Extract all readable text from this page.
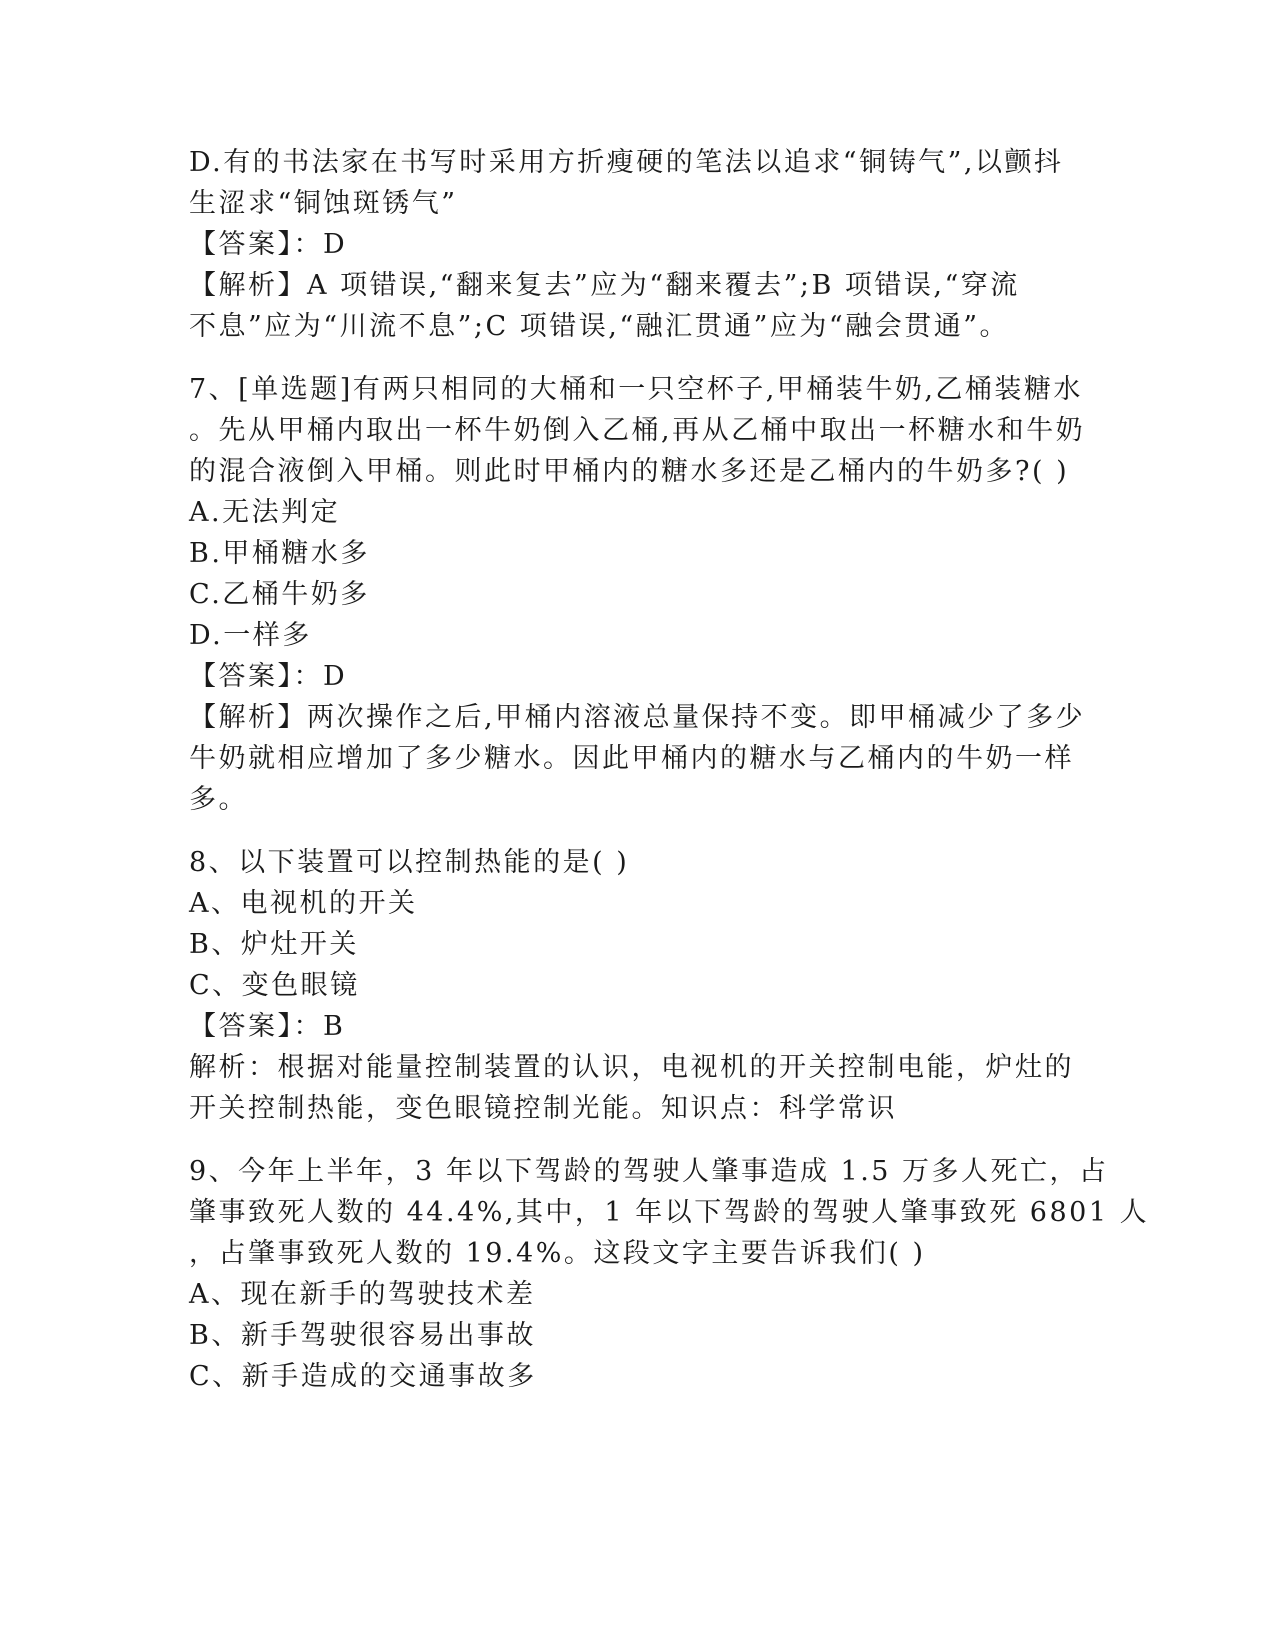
D.有的书法家在书写时采用方折瘦硬的笔法以追求“铜铸气”,以颤抖
生涩求“铜蚀斑锈气”
【答案】：D
【解析】A 项错误,“翻来复去”应为“翻来覆去”;B 项错误,“穿流
不息”应为“川流不息”;C 项错误,“融汇贯通”应为“融会贯通”。
7、[单选题]有两只相同的大桶和一只空杯子,甲桶装牛奶,乙桶装糖水
。先从甲桶内取出一杯牛奶倒入乙桶,再从乙桶中取出一杯糖水和牛奶
的混合液倒入甲桶。则此时甲桶内的糖水多还是乙桶内的牛奶多?( )
A.无法判定
B.甲桶糖水多
C.乙桶牛奶多
D.一样多
【答案】：D
【解析】两次操作之后,甲桶内溶液总量保持不变。即甲桶减少了多少
牛奶就相应增加了多少糖水。因此甲桶内的糖水与乙桶内的牛奶一样
多。
8、以下装置可以控制热能的是( )
A、电视机的开关
B、炉灶开关
C、变色眼镜
【答案】：B
解析：根据对能量控制装置的认识，电视机的开关控制电能，炉灶的
开关控制热能，变色眼镜控制光能。知识点：科学常识
9、今年上半年，3 年以下驾龄的驾驶人肇事造成 1.5 万多人死亡，占
肇事致死人数的 44.4%,其中，1 年以下驾龄的驾驶人肇事致死 6801 人
，占肇事致死人数的 19.4%。这段文字主要告诉我们( )
A、现在新手的驾驶技术差
B、新手驾驶很容易出事故
C、新手造成的交通事故多
